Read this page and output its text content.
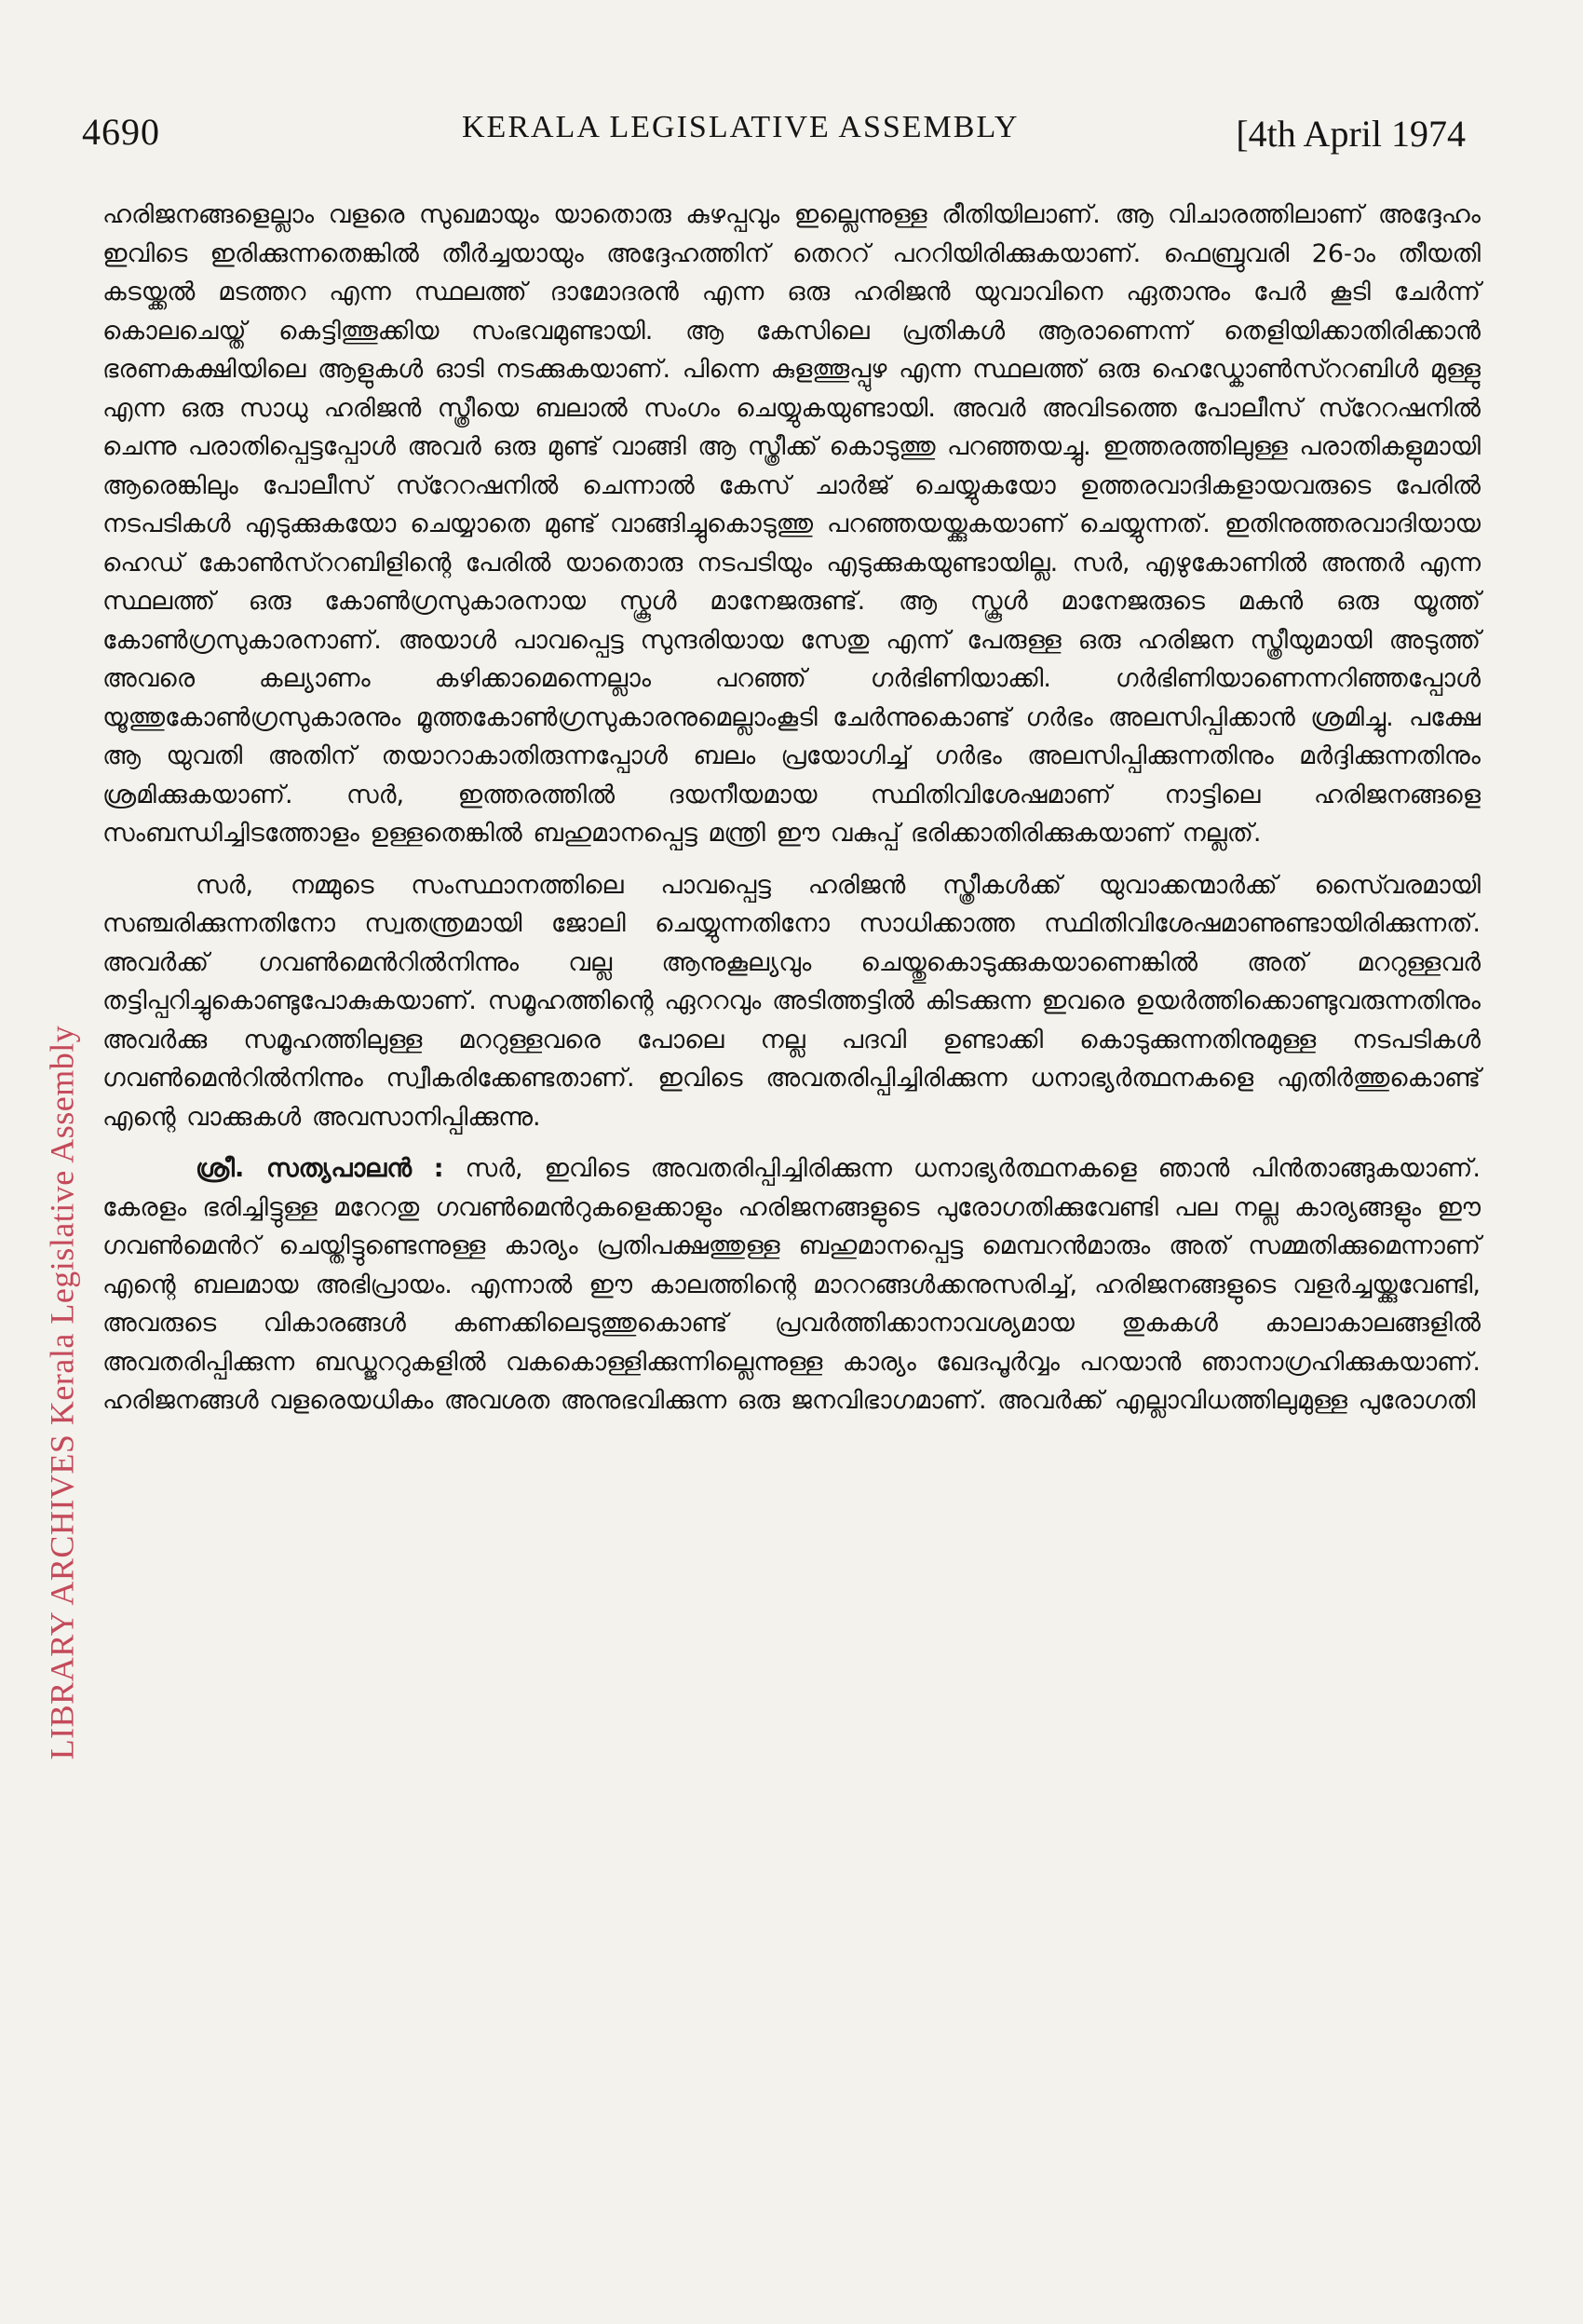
4690	KERALA LEGISLATIVE ASSEMBLY	[4th April 1974
LIBRARY ARCHIVES Kerala Legislative Assembly

ഹരിജനങ്ങളെല്ലാം വളരെ സുഖമായും യാതൊരു കുഴപ്പവും ഇല്ലെന്നുള്ള രീതിയിലാണ്. ആ വിചാരത്തിലാണ് അദ്ദേഹം ഇവിടെ ഇരിക്കുന്നതെങ്കിൽ തീർച്ചയായും അദ്ദേഹത്തിന് തെററ് പററിയിരിക്കുകയാണ്. ഫെബ്രുവരി 26-ാം തീയതി കടയ്ക്കൽ മടത്തറ എന്ന സ്ഥലത്ത് ദാമോദരൻ എന്ന ഒരു ഹരിജൻ യുവാവിനെ ഏതാനും പേർ കൂടി ചേർന്ന് കൊലചെയ്ത് കെട്ടിത്തൂക്കിയ സംഭവമുണ്ടായി. ആ കേസിലെ പ്രതികൾ ആരാണെന്ന് തെളിയിക്കാതിരിക്കാൻ ഭരണകക്ഷിയിലെ ആളുകൾ ഓടി നടക്കുകയാണ്. പിന്നെ കുളത്തൂപ്പുഴ എന്ന സ്ഥലത്ത് ഒരു ഹെഡ്കോൺസ്ററബിൾ മുള്ളു എന്ന ഒരു സാധു ഹരിജൻ സ്ത്രീയെ ബലാൽ സംഗം ചെയ്യുകയുണ്ടായി. അവർ അവിടത്തെ പോലീസ് സ്റേറഷനിൽ ചെന്നു പരാതിപ്പെട്ടപ്പോൾ അവർ ഒരു മുണ്ട് വാങ്ങി ആ സ്ത്രീക്ക് കൊടുത്തു പറഞ്ഞയച്ചു. ഇത്തരത്തിലുള്ള പരാതികളുമായി ആരെങ്കിലും പോലീസ് സ്റേറഷനിൽ ചെന്നാൽ കേസ് ചാർജ് ചെയ്യുകയോ ഉത്തരവാദികളായവരുടെ പേരിൽ നടപടികൾ എടുക്കുകയോ ചെയ്യാതെ മുണ്ട് വാങ്ങിച്ചുകൊടുത്തു പറഞ്ഞയയ്ക്കുകയാണ് ചെയ്യുന്നത്. ഇതിനുത്തരവാദിയായ ഹെഡ് കോൺസ്ററബിളിന്റെ പേരിൽ യാതൊരു നടപടിയും എടുക്കുകയുണ്ടായില്ല. സർ, എഴുകോണിൽ അന്തർ എന്ന സ്ഥലത്ത് ഒരു കോൺഗ്രസുകാരനായ സ്കൂൾ മാനേജരുണ്ട്. ആ സ്കൂൾ മാനേജരുടെ മകൻ ഒരു യൂത്ത് കോൺഗ്രസുകാരനാണ്. അയാൾ പാവപ്പെട്ട സുന്ദരിയായ സേതു എന്ന് പേരുള്ള ഒരു ഹരിജന സ്ത്രീയുമായി അടുത്ത് അവരെ കല്യാണം കഴിക്കാമെന്നെല്ലാം പറഞ്ഞ് ഗർഭിണിയാക്കി. ഗർഭിണിയാണെന്നറിഞ്ഞപ്പോൾ യൂത്തുകോൺഗ്രസുകാരനും മൂത്തകോൺഗ്രസുകാരനുമെല്ലാംകൂടി ചേർന്നുകൊണ്ട് ഗർഭം അലസിപ്പിക്കാൻ ശ്രമിച്ചു. പക്ഷേ ആ യുവതി അതിന് തയാറാകാതിരുന്നപ്പോൾ ബലം പ്രയോഗിച്ച് ഗർഭം അലസിപ്പിക്കുന്നതിനും മർദ്ദിക്കുന്നതിനും ശ്രമിക്കുകയാണ്. സർ, ഇത്തരത്തിൽ ദയനീയമായ സ്ഥിതിവിശേഷമാണ് നാട്ടിലെ ഹരിജനങ്ങളെ സംബന്ധിച്ചിടത്തോളം ഉള്ളതെങ്കിൽ ബഹുമാനപ്പെട്ട മന്ത്രി ഈ വകുപ്പ് ഭരിക്കാതിരിക്കുകയാണ് നല്ലത്.

സർ, നമ്മുടെ സംസ്ഥാനത്തിലെ പാവപ്പെട്ട ഹരിജൻ സ്ത്രീകൾക്ക് യുവാക്കന്മാർക്ക് സൈ്വരമായി സഞ്ചരിക്കുന്നതിനോ സ്വതന്ത്രമായി ജോലി ചെയ്യുന്നതിനോ സാധിക്കാത്ത സ്ഥിതിവിശേഷമാണുണ്ടായിരിക്കുന്നത്. അവർക്ക് ഗവൺമെൻറിൽനിന്നും വല്ല ആനുകൂല്യവും ചെയ്തുകൊടുക്കുകയാണെങ്കിൽ അത് മററുള്ളവർ തട്ടിപ്പറിച്ചുകൊണ്ടുപോകുകയാണ്. സമൂഹത്തിന്റെ ഏററവും അടിത്തട്ടിൽ കിടക്കുന്ന ഇവരെ ഉയർത്തിക്കൊണ്ടുവരുന്നതിനും അവർക്കു സമൂഹത്തിലുള്ള മററുള്ളവരെ പോലെ നല്ല പദവി ഉണ്ടാക്കി കൊടുക്കുന്നതിനുമുള്ള നടപടികൾ ഗവൺമെൻറിൽനിന്നും സ്വീകരിക്കേണ്ടതാണ്. ഇവിടെ അവതരിപ്പിച്ചിരിക്കുന്ന ധനാഭ്യർത്ഥനകളെ എതിർത്തുകൊണ്ട് എന്റെ വാക്കുകൾ അവസാനിപ്പിക്കുന്നു.

ശ്രീ. സത്യപാലൻ : സർ, ഇവിടെ അവതരിപ്പിച്ചിരിക്കുന്ന ധനാഭ്യർത്ഥനകളെ ഞാൻ പിൻതാങ്ങുകയാണ്. കേരളം ഭരിച്ചിട്ടുള്ള മറേറതു ഗവൺമെൻറുകളെക്കാളും ഹരിജനങ്ങളുടെ പുരോഗതിക്കുവേണ്ടി പല നല്ല കാര്യങ്ങളും ഈ ഗവൺമെൻറ് ചെയ്തിട്ടുണ്ടെന്നുള്ള കാര്യം പ്രതിപക്ഷത്തുള്ള ബഹുമാനപ്പെട്ട മെമ്പറൻമാരും അത് സമ്മതിക്കുമെന്നാണ് എന്റെ ബലമായ അഭിപ്രായം. എന്നാൽ ഈ കാലത്തിന്റെ മാററങ്ങൾക്കനുസരിച്ച്, ഹരിജനങ്ങളുടെ വളർച്ചയ്ക്കുവേണ്ടി, അവരുടെ വികാരങ്ങൾ കണക്കിലെടുത്തുകൊണ്ട് പ്രവർത്തിക്കാനാവശ്യമായ തുകകൾ കാലാകാലങ്ങളിൽ അവതരിപ്പിക്കുന്ന ബഡ്ജററുകളിൽ വകകൊള്ളിക്കുന്നില്ലെന്നുള്ള കാര്യം ഖേദപൂർവ്വം പറയാൻ ഞാനാഗ്രഹിക്കുകയാണ്. ഹരിജനങ്ങൾ വളരെയധികം അവശത അനുഭവിക്കുന്ന ഒരു ജനവിഭാഗമാണ്. അവർക്ക് എല്ലാവിധത്തിലുമുള്ള പുരോഗതി
